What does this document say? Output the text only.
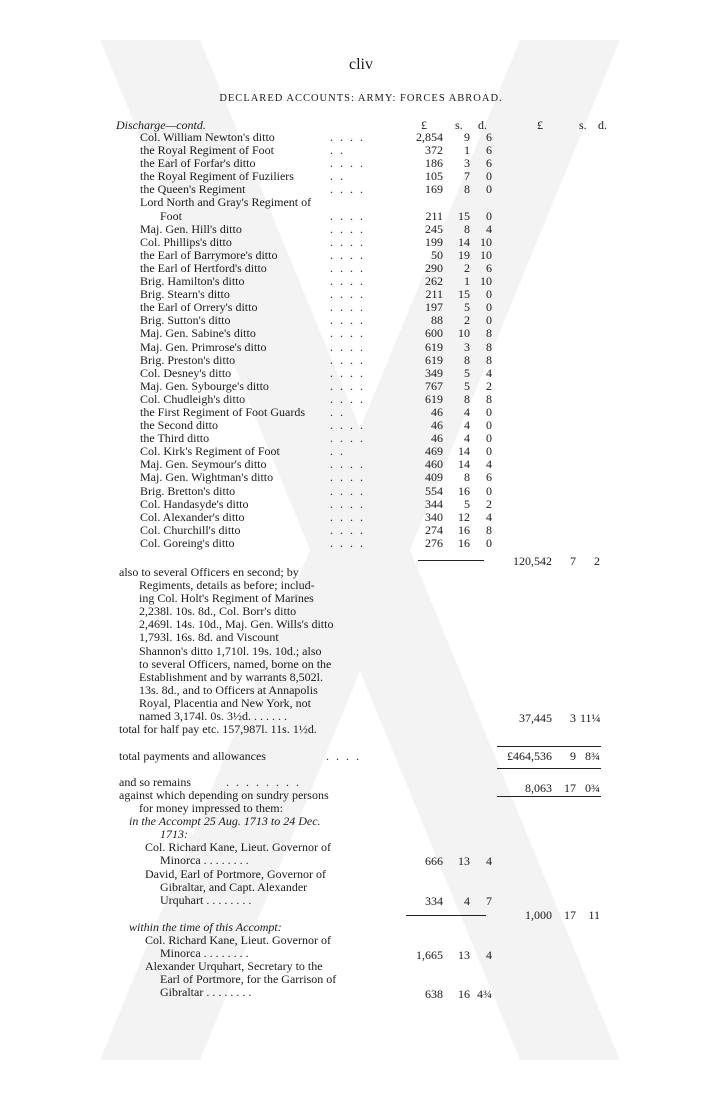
cliv
DECLARED ACCOUNTS: ARMY: FORCES ABROAD.
Discharge—contd.	£ s. d.	£	s. d.
Col. William Newton's ditto	. . . .	2,854	9	6
the Royal Regiment of Foot	. .	372	1	6
the Earl of Forfar's ditto	. . . .	186	3	6
the Royal Regiment of Fuziliers	. .	105	7	0
the Queen's Regiment	. . . .	169	8	0
Lord North and Gray's Regiment of
Foot	. . . .	211	15	0
Maj. Gen. Hill's ditto	. . . .	245	8	4
Col. Phillips's ditto	. . . .	199	14 10
the Earl of Barrymore's ditto	. . . .	50	19 10
the Earl of Hertford's ditto	. . . .	290	2	6
Brig. Hamilton's ditto	. . . .	262	1 10
Brig. Stearn's ditto	. . . .	211	15	0
the Earl of Orrery's ditto	. . . .	197	5	0
Brig. Sutton's ditto	. . . .	88	2	0
Maj. Gen. Sabine's ditto	. . . .	600	10	8
Maj. Gen. Primrose's ditto	. . . .	619	3	8
Brig. Preston's ditto	. . . .	619	8	8
Col. Desney's ditto	. . . .	349	5	4
Maj. Gen. Sybourge's ditto	. . . .	767	5	2
Col. Chudleigh's ditto	. . . .	619	8	8
the First Regiment of Foot Guards . .	46	4	0
the Second ditto	. . . .	46	4	0
the Third ditto	. . . .	46	4	0
Col. Kirk's Regiment of Foot	. .	469	14	0
Maj. Gen. Seymour's ditto	. . . .	460	14	4
Maj. Gen. Wightman's ditto	. . . .	409	8	6
Brig. Bretton's ditto	. . . .	554	16	0
Col. Handasyde's ditto	. . . .	344	5	2
Col. Alexander's ditto	. . . .	340	12	4
Col. Churchill's ditto	. . . .	274	16	8
Col. Goreing's ditto	. . . .	276	16	0
120,542	7	2
also to several Officers en second; by
Regiments, details as before; includ-
ing Col. Holt's Regiment of Marines
2,238l. 10s. 8d., Col. Borr's ditto
2,469l. 14s. 10d., Maj. Gen. Wills's ditto
1,793l. 16s. 8d. and Viscount
Shannon's ditto 1,710l. 19s. 10d.; also
to several Officers, named, borne on the
Establishment and by warrants 8,502l.
13s. 8d., and to Officers at Annapolis
Royal, Placentia and New York, not
named 3,174l. 0s. 3½d. . . . . . .	37,445	3 11¼
total for half pay etc. 157,987l. 11s. 1½d.
total payments and allowances	. . . .	£464,536	9 8¾
and so remains	. . . . . . . .	8,063	17 0¾
against which depending on sundry persons
for money impressed to them:
in the Accompt 25 Aug. 1713 to 24 Dec.
1713:
Col. Richard Kane, Lieut. Governor of
Minorca . . . . . . . .	666	13	4
David, Earl of Portmore, Governor of
Gibraltar, and Capt. Alexander
Urquhart . . . . . . . .	334	4	7
1,000	17	11
within the time of this Accompt:
Col. Richard Kane, Lieut. Governor of
Minorca . . . . . . . .	1,665	13	4
Alexander Urquhart, Secretary to the
Earl of Portmore, for the Garrison of
Gibraltar . . . . . . . .	638	16 4¾
